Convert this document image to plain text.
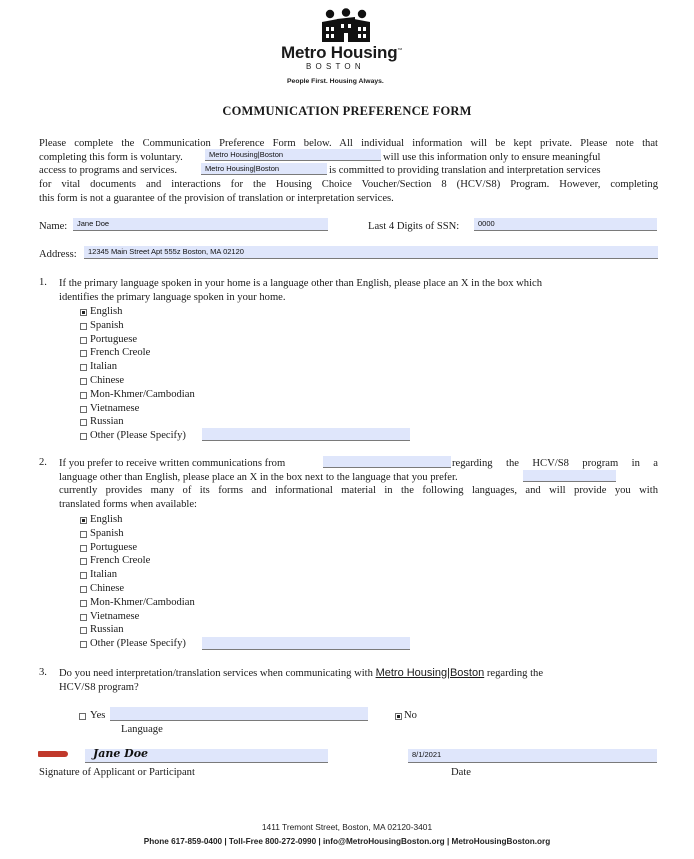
Metro Housing™
BOSTON
People First. Housing Always.
COMMUNICATION PREFERENCE FORM
Please complete the Communication Preference Form below. All individual information will be kept private. Please note that
completing this form is voluntary.	will use this information only to ensure meaningful
access to programs and services.	is committed to providing translation and interpretation services
for vital documents and interactions for the Housing Choice Voucher/Section 8 (HCV/S8) Program. However, completing
this form is not a guarantee of the provision of translation or interpretation services.
Metro Housing|Boston
Metro Housing|Boston
Name:	Jane Doe	Last 4 Digits of SSN:	0000
Address:	12345 Main Street Apt 555z Boston, MA 02120
1. If the primary language spoken in your home is a language other than English, please place an X in the box which
identifies the primary language spoken in your home.
English
Spanish
Portuguese
French Creole
Italian
Chinese
Mon-Khmer/Cambodian
Vietnamese
Russian
Other (Please Specify)
2. If you prefer to receive written communications from	regarding the HCV/S8 program in a
language other than English, please place an X in the box next to the language that you prefer.
currently provides many of its forms and informational material in the following languages, and will provide you with
translated forms when available:
English
Spanish
Portuguese
French Creole
Italian
Chinese
Mon-Khmer/Cambodian
Vietnamese
Russian
Other (Please Specify)
3. Do you need interpretation/translation services when communicating with Metro Housing|Boston regarding the
HCV/S8 program?
Yes
Language
No
Jane Doe
Signature of Applicant or Participant
8/1/2021
Date
1411 Tremont Street, Boston, MA 02120-3401
Phone 617-859-0400 | Toll-Free 800-272-0990 | info@MetroHousingBoston.org | MetroHousingBoston.org
